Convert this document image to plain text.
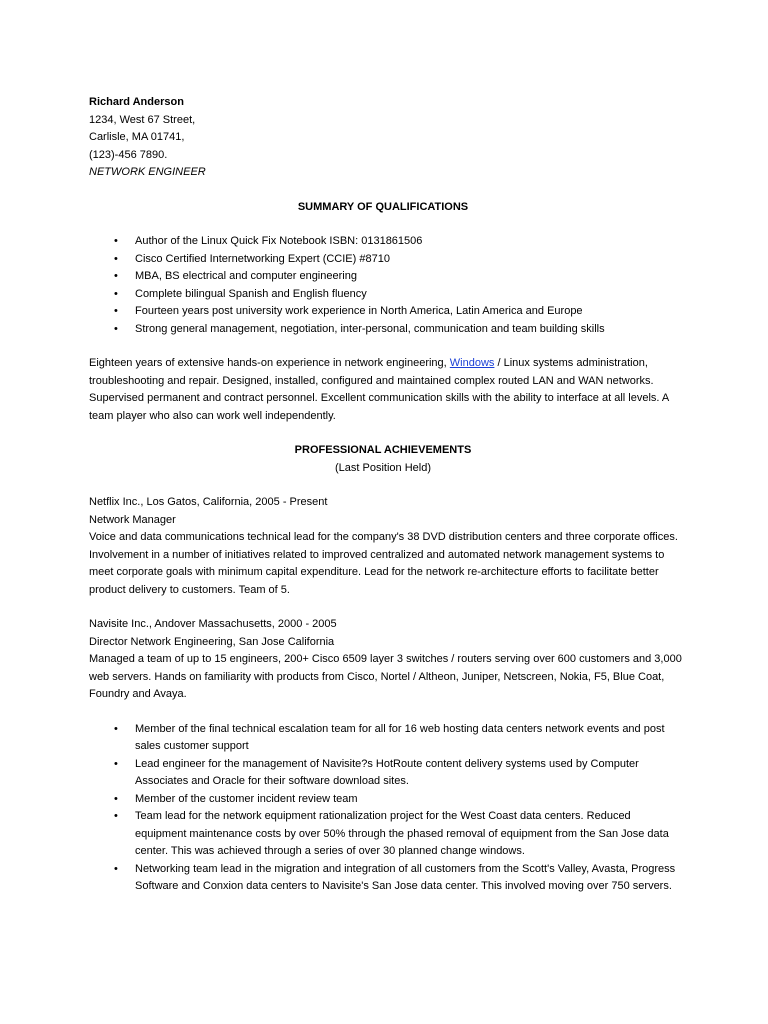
Richard Anderson
1234, West 67 Street,
Carlisle, MA 01741,
(123)-456 7890.
NETWORK ENGINEER
SUMMARY OF QUALIFICATIONS
• Author of the Linux Quick Fix Notebook ISBN: 0131861506
• Cisco Certified Internetworking Expert (CCIE) #8710
• MBA, BS electrical and computer engineering
• Complete bilingual Spanish and English fluency
• Fourteen years post university work experience in North America, Latin America and Europe
• Strong general management, negotiation, inter-personal, communication and team building skills

Eighteen years of extensive hands-on experience in network engineering, Windows / Linux systems administration, troubleshooting and repair. Designed, installed, configured and maintained complex routed LAN and WAN networks. Supervised permanent and contract personnel. Excellent communication skills with the ability to interface at all levels. A team player who also can work well independently.

PROFESSIONAL ACHIEVEMENTS
(Last Position Held)
Netflix Inc., Los Gatos, California, 2005 - Present
Network Manager

Voice and data communications technical lead for the company's 38 DVD distribution centers and three corporate offices. Involvement in a number of initiatives related to improved centralized and automated network management systems to meet corporate goals with minimum capital expenditure. Lead for the network re-architecture efforts to facilitate better product delivery to customers. Team of 5.

Navisite Inc., Andover Massachusetts, 2000 - 2005
Director Network Engineering, San Jose California

Managed a team of up to 15 engineers, 200+ Cisco 6509 layer 3 switches / routers serving over 600 customers and 3,000 web servers. Hands on familiarity with products from Cisco, Nortel / Altheon, Juniper, Netscreen, Nokia, F5, Blue Coat, Foundry and Avaya.

• Member of the final technical escalation team for all for 16 web hosting data centers network events and post sales customer support
• Lead engineer for the management of Navisite?s HotRoute content delivery systems used by Computer Associates and Oracle for their software download sites.
• Member of the customer incident review team
• Team lead for the network equipment rationalization project for the West Coast data centers. Reduced equipment maintenance costs by over 50% through the phased removal of equipment from the San Jose data center. This was achieved through a series of over 30 planned change windows.
• Networking team lead in the migration and integration of all customers from the Scott's Valley, Avasta, Progress Software and Conxion data centers to Navisite's San Jose data center. This involved moving over 750 servers.
